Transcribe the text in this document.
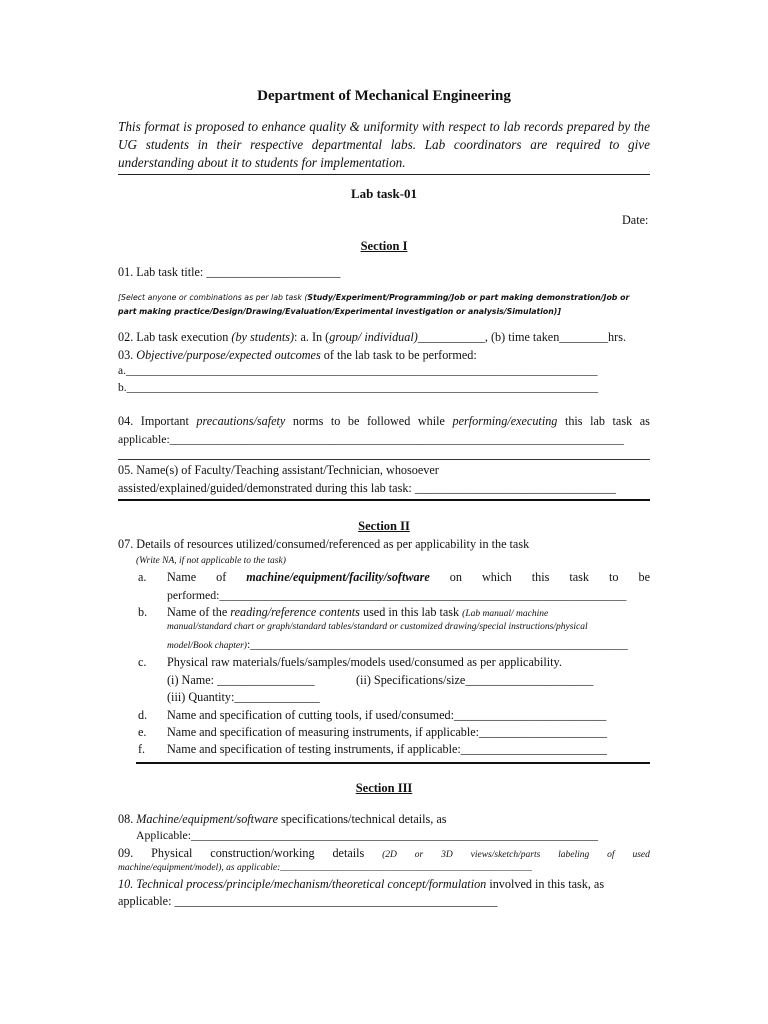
Department of Mechanical Engineering
This format is proposed to enhance quality & uniformity with respect to lab records prepared by the UG students in their respective departmental labs. Lab coordinators are required to give understanding about it to students for implementation.
Lab task-01
Date:
Section I
01. Lab task title: ______________________
[Select anyone or combinations as per lab task (Study/Experiment/Programming/Job or part making demonstration/Job or part making practice/Design/Drawing/Evaluation/Experimental investigation or analysis/Simulation)]
02. Lab task execution (by students): a. In (group/ individual)___________, (b) time taken________hrs.
03. Objective/purpose/expected outcomes of the lab task to be performed:
a.__________________________________________________________________________________
b.__________________________________________________________________________________
04. Important precautions/safety norms to be followed while performing/executing this lab task as
applicable:_____________________________________________________________________________
05. Name(s) of Faculty/Teaching assistant/Technician, whosoever
assisted/explained/guided/demonstrated during this lab task: _________________________________
Section II
07. Details of resources utilized/consumed/referenced as per applicability in the task
(Write NA, if not applicable to the task)
a. Name of machine/equipment/facility/software on which this task to be
performed:_____________________________________________________________________
b. Name of the reading/reference contents used in this lab task (Lab manual/ machine
manual/standard chart or graph/standard tables/standard or customized drawing/special instructions/physical
model/Book chapter):________________________________________________________________
c. Physical raw materials/fuels/samples/models used/consumed as per applicability.
(i) Name: ________________	(ii) Specifications/size_____________________
(iii) Quantity:______________
d. Name and specification of cutting tools, if used/consumed:_________________________
e. Name and specification of measuring instruments, if applicable:_____________________
f. Name and specification of testing instruments, if applicable:________________________
Section III
08. Machine/equipment/software specifications/technical details, as
Applicable:_____________________________________________________________________
09. Physical construction/working details (2D or 3D views/sketch/parts labeling of used
machine/equipment/model), as applicable:_____________________________________________________
10. Technical process/principle/mechanism/theoretical concept/formulation involved in this task, as
applicable: _____________________________________________________
